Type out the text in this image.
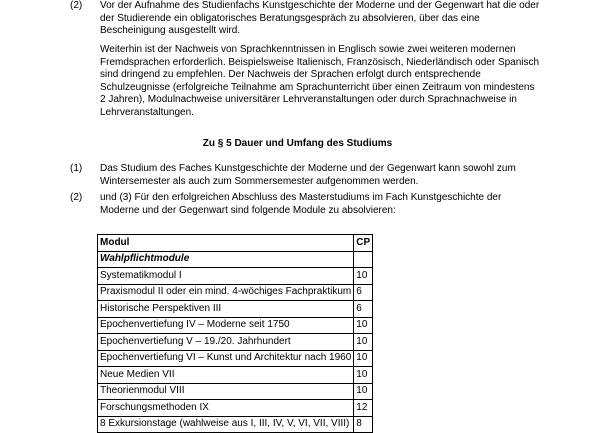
(2) Vor der Aufnahme des Studienfachs Kunstgeschichte der Moderne und der Gegenwart hat die oder der Studierende ein obligatorisches Beratungsgespräch zu absolvieren, über das eine Bescheinigung ausgestellt wird.

Weiterhin ist der Nachweis von Sprachkenntnissen in Englisch sowie zwei weiteren modernen Fremdsprachen erforderlich. Beispielsweise Italienisch, Französisch, Niederländisch oder Spanisch sind dringend zu empfehlen. Der Nachweis der Sprachen erfolgt durch entsprechende Schulzeugnisse (erfolgreiche Teilnahme am Sprachunterricht über einen Zeitraum von mindestens 2 Jahren), Modulnachweise universitärer Lehrveranstaltungen oder durch Sprachnachweise in Lehrveranstaltungen.

Zu § 5 Dauer und Umfang des Studiums
(1) Das Studium des Faches Kunstgeschichte der Moderne und der Gegenwart kann sowohl zum Wintersemester als auch zum Sommersemester aufgenommen werden.

(2) und (3) Für den erfolgreichen Abschluss des Masterstudiums im Fach Kunstgeschichte der Moderne und der Gegenwart sind folgende Module zu absolvieren:

Modul	CP
Wahlpflichtmodule	
Systematikmodul I	10
Praxismodul II oder ein mind. 4-wöchiges Fachpraktikum	6
Historische Perspektiven III	6
Epochenvertiefung IV – Moderne seit 1750	10
Epochenvertiefung V – 19./20. Jahrhundert	10
Epochenvertiefung VI – Kunst und Architektur nach 1960	10
Neue Medien VII	10
Theorienmodul VIII	10
Forschungsmethoden IX	12
8 Exkursionstage (wahlweise aus I, III, IV, V, VI, VII, VIII)	8
